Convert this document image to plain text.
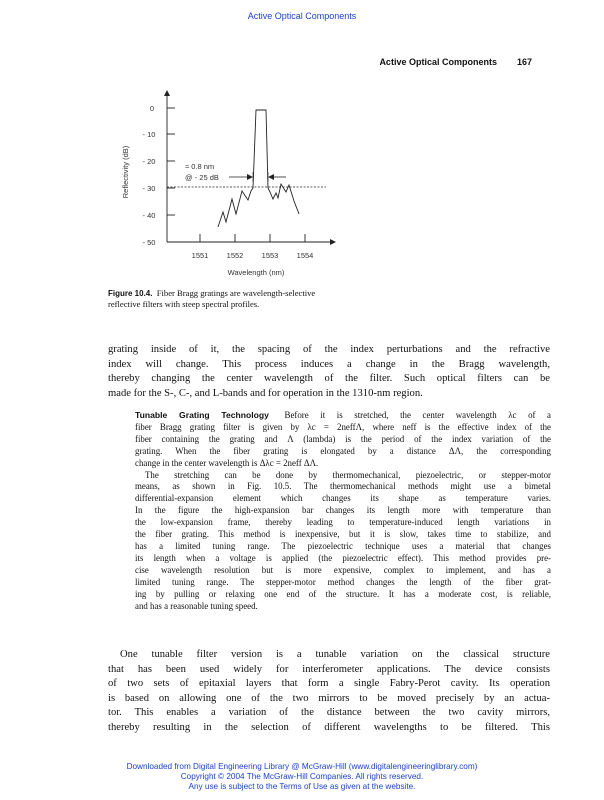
Active Optical Components
Active Optical Components 167
0
- 10
- 20
- 30
- 40
- 50
Reflectivity (dB)
1551 1552 1553 1554
Wavelength (nm)
≈ 0.8 nm
@ - 25 dB
Figure 10.4. Fiber Bragg gratings are wavelength-selective reflective filters with steep spectral profiles.
grating inside of it, the spacing of the index perturbations and the refractive
index will change. This process induces a change in the Bragg wavelength,
thereby changing the center wavelength of the filter. Such optical filters can be
made for the S-, C-, and L-bands and for operation in the 1310-nm region.
Tunable Grating Technology Before it is stretched, the center wavelength λc of a
fiber Bragg grating filter is given by λc = 2neffΛ, where neff is the effective index of the
fiber containing the grating and Λ (lambda) is the period of the index variation of the
grating. When the fiber grating is elongated by a distance ΔΛ, the corresponding
change in the center wavelength is Δλc = 2neff ΔΛ.
The stretching can be done by thermomechanical, piezoelectric, or stepper-motor
means, as shown in Fig. 10.5. The thermomechanical methods might use a bimetal
differential-expansion element which changes its shape as temperature varies.
In the figure the high-expansion bar changes its length more with temperature than
the low-expansion frame, thereby leading to temperature-induced length variations in
the fiber grating. This method is inexpensive, but it is slow, takes time to stabilize, and
has a limited tuning range. The piezoelectric technique uses a material that changes
its length when a voltage is applied (the piezoelectric effect). This method provides pre-
cise wavelength resolution but is more expensive, complex to implement, and has a
limited tuning range. The stepper-motor method changes the length of the fiber grat-
ing by pulling or relaxing one end of the structure. It has a moderate cost, is reliable,
and has a reasonable tuning speed.
One tunable filter version is a tunable variation on the classical structure
that has been used widely for interferometer applications. The device consists
of two sets of epitaxial layers that form a single Fabry-Perot cavity. Its operation
is based on allowing one of the two mirrors to be moved precisely by an actua-
tor. This enables a variation of the distance between the two cavity mirrors,
thereby resulting in the selection of different wavelengths to be filtered. This
Downloaded from Digital Engineering Library @ McGraw-Hill (www.digitalengineeringlibrary.com)
Copyright © 2004 The McGraw-Hill Companies. All rights reserved.
Any use is subject to the Terms of Use as given at the website.
